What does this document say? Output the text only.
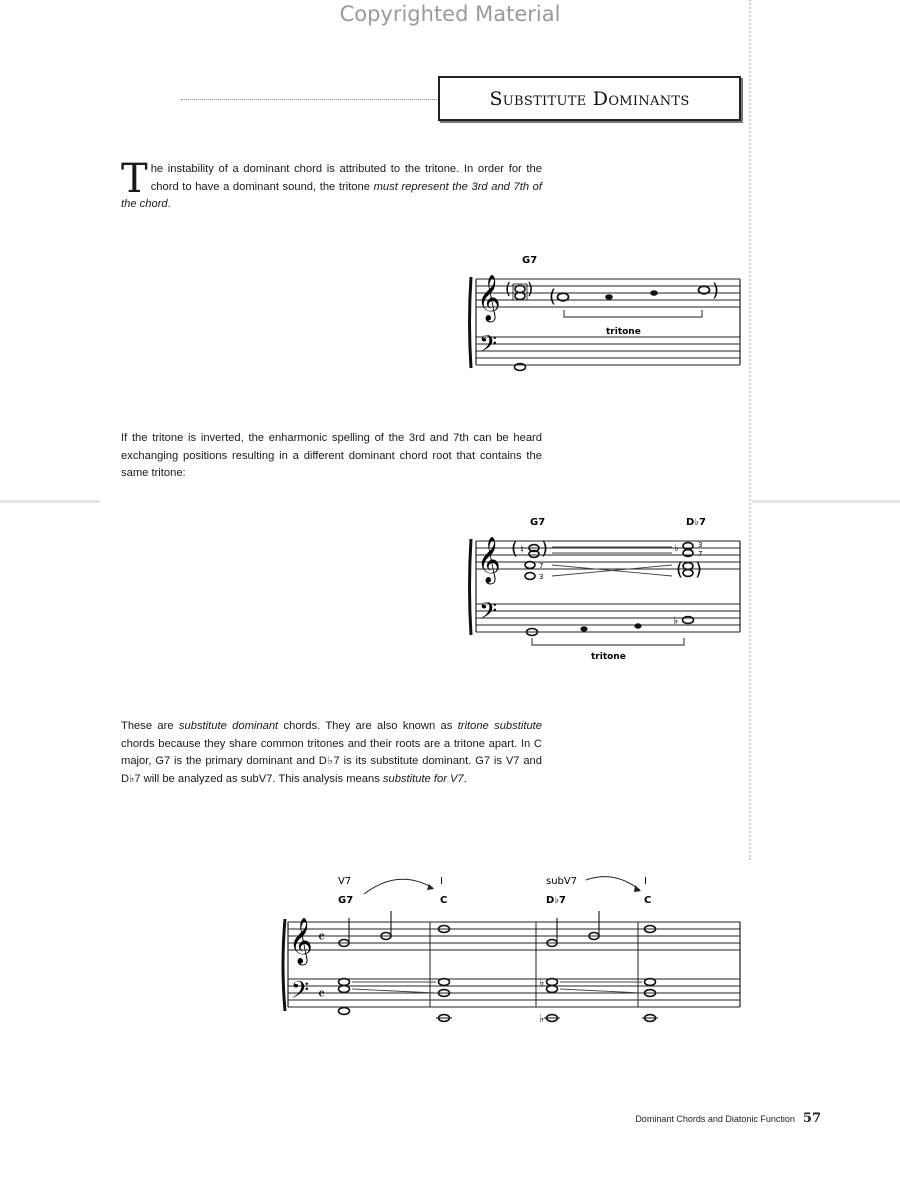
Copyrighted Material
Substitute Dominants
The instability of a dominant chord is attributed to the tritone. In order for the chord to have a dominant sound, the tritone must represent the 3rd and 7th of the chord.
𝄞
𝄢
G7
( ) (	)
tritone
If the tritone is inverted, the enharmonic spelling of the 3rd and 7th can be heard exchanging positions resulting in a different dominant chord root that contains the same tritone:
𝄞
𝄢
G7	D♭7
( ♮ )
7
3
♭
( )
3
7
♭
tritone
These are substitute dominant chords. They are also known as tritone substitute chords because they share common tritones and their roots are a tritone apart. In C major, G7 is the primary dominant and D♭7 is its substitute dominant. G7 is V7 and D♭7 will be analyzed as subV7. This analysis means substitute for V7.
𝄞 𝄴
𝄢 𝄴
V7
G7
I
C
subV7
D♭7
I
C
♭
♭
Dominant Chords and Diatonic Function 57
